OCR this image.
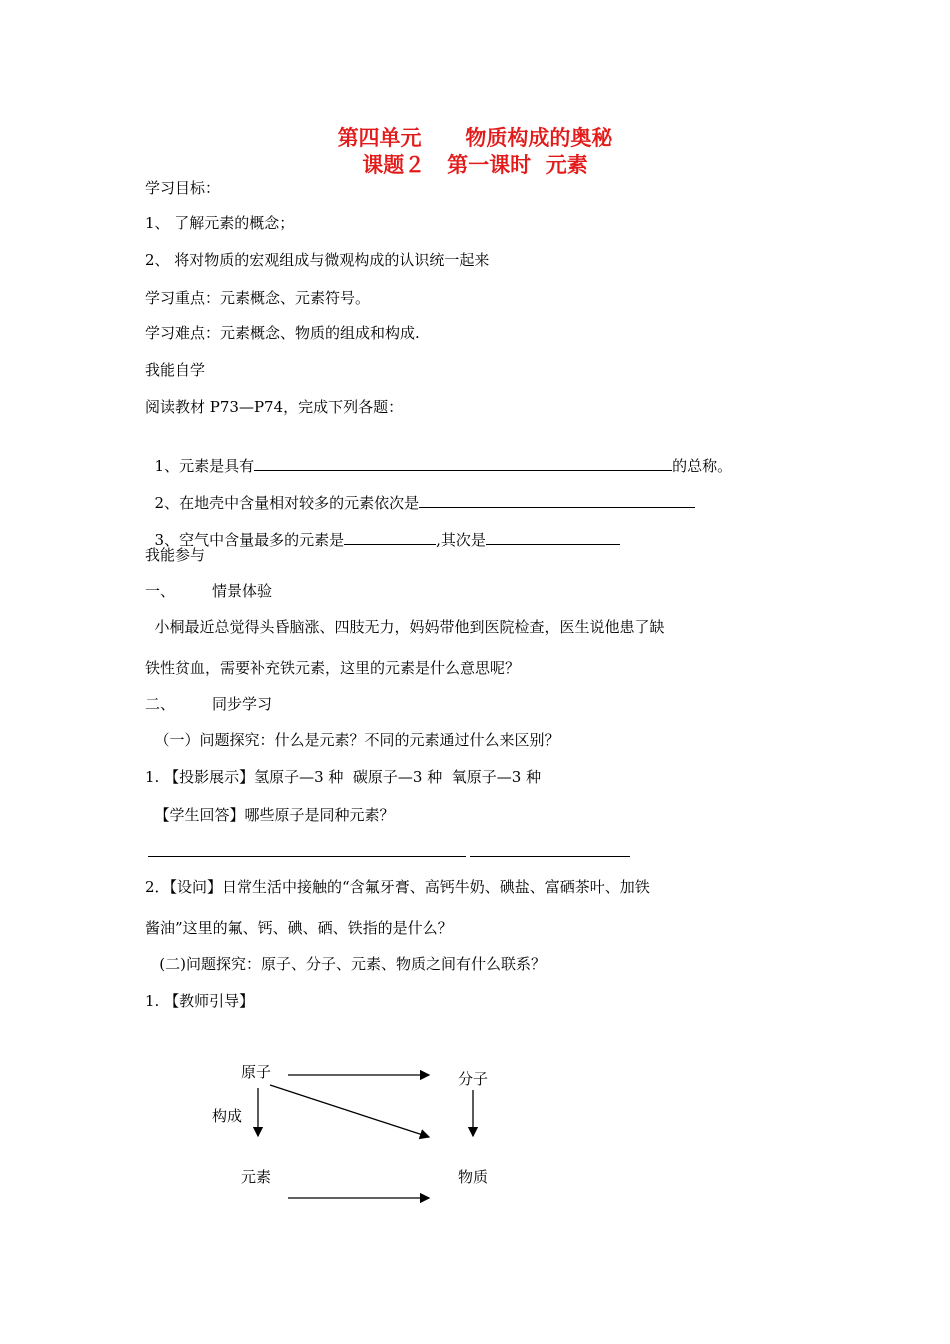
第四单元      物质构成的奥秘
课题２   第一课时  元素
学习目标：
1、 了解元素的概念；
2、 将对物质的宏观组成与微观构成的认识统一起来
学习重点：元素概念、元素符号。
学习难点：元素概念、物质的组成和构成.
我能自学
阅读教材 P73—P74，完成下列各题：

1、元素是具有	的总称。

2、在地壳中含量相对较多的元素依次是

3、空气中含量最多的元素是	,其次是

我能参与
一、 情景体验
小桐最近总觉得头昏脑涨、四肢无力，妈妈带他到医院检查，医生说他患了缺
铁性贫血，需要补充铁元素，这里的元素是什么意思呢？
二、 同步学习
（一）问题探究：什么是元素？不同的元素通过什么来区别？
1. 【投影展示】氢原子—3 种  碳原子—3 种  氧原子—3 种
【学生回答】哪些原子是同种元素？
2．【设问】日常生活中接触的“含氟牙膏、高钙牛奶、碘盐、富硒茶叶、加铁
酱油”这里的氟、钙、碘、硒、铁指的是什么？
(二)问题探究：原子、分子、元素、物质之间有什么联系？
1. 【教师引导】
原子	分子
构成
元素	物质
